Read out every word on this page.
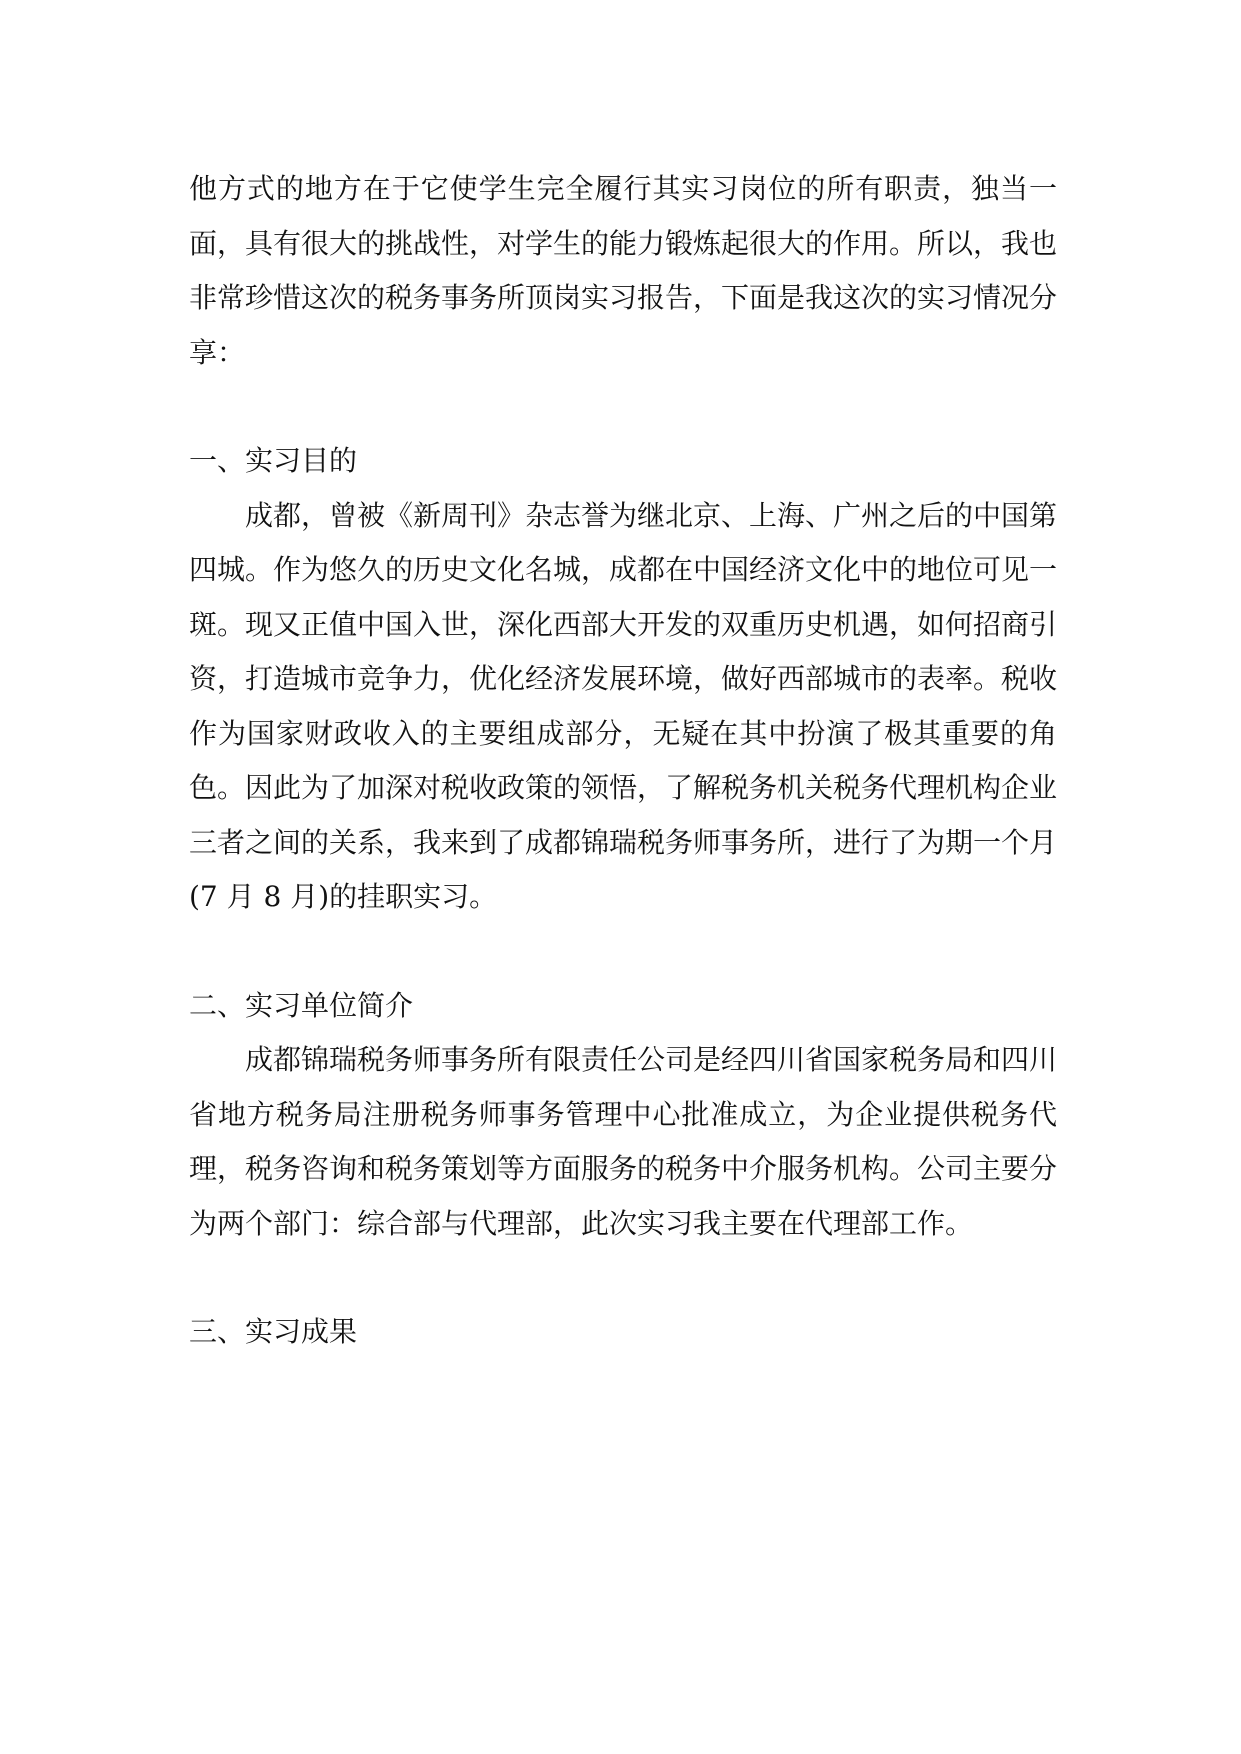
他方式的地方在于它使学生完全履行其实习岗位的所有职责，独当一面，具有很大的挑战性，对学生的能力锻炼起很大的作用。所以，我也非常珍惜这次的税务事务所顶岗实习报告，下面是我这次的实习情况分享：

一、实习目的

成都，曾被《新周刊》杂志誉为继北京、上海、广州之后的中国第四城。作为悠久的历史文化名城，成都在中国经济文化中的地位可见一斑。现又正值中国入世，深化西部大开发的双重历史机遇，如何招商引资，打造城市竞争力，优化经济发展环境，做好西部城市的表率。税收作为国家财政收入的主要组成部分，无疑在其中扮演了极其重要的角色。因此为了加深对税收政策的领悟，了解税务机关税务代理机构企业三者之间的关系，我来到了成都锦瑞税务师事务所，进行了为期一个月(7 月 8 月)的挂职实习。

二、实习单位简介

成都锦瑞税务师事务所有限责任公司是经四川省国家税务局和四川省地方税务局注册税务师事务管理中心批准成立，为企业提供税务代理，税务咨询和税务策划等方面服务的税务中介服务机构。公司主要分为两个部门：综合部与代理部，此次实习我主要在代理部工作。

三、实习成果
